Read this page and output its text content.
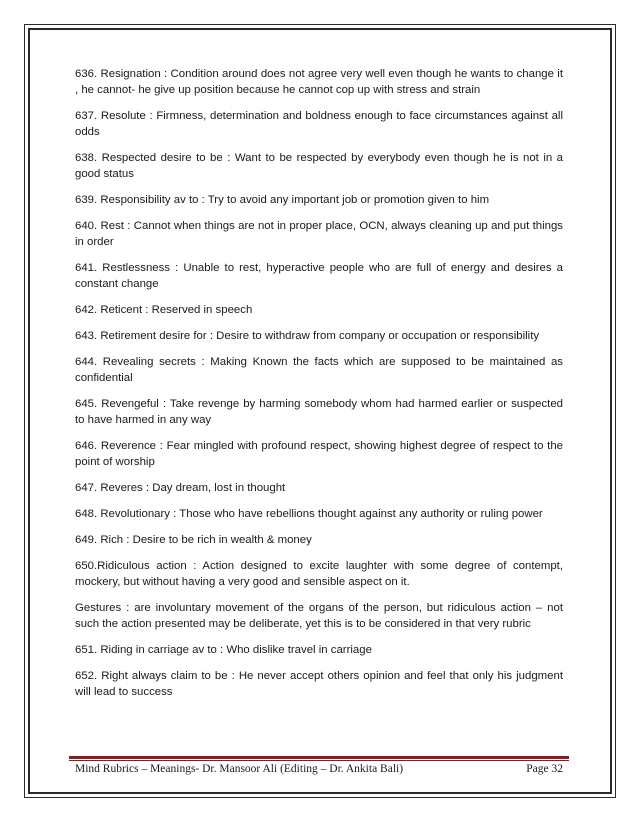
636. Resignation : Condition around does not agree very well even though he wants to change it , he cannot- he give up position because he cannot cop up with stress and strain

637. Resolute : Firmness, determination and boldness enough to face circumstances against all odds

638. Respected desire to be : Want to be respected by everybody even though he is not in a good status

639. Responsibility av to : Try to avoid any important job or promotion given to him

640. Rest : Cannot when things are not in proper place, OCN, always cleaning up and put things in order

641. Restlessness : Unable to rest, hyperactive people who are full of energy and desires a constant change

642. Reticent : Reserved in speech

643. Retirement desire for : Desire to withdraw from company or occupation or responsibility

644. Revealing secrets : Making Known the facts which are supposed to be maintained as confidential

645. Revengeful : Take revenge by harming somebody whom had harmed earlier or suspected to have harmed in any way

646. Reverence : Fear mingled with profound respect, showing highest degree of respect to the point of worship

647. Reveres : Day dream, lost in thought

648. Revolutionary : Those who have rebellions thought against any authority or ruling power

649. Rich : Desire to be rich in wealth & money

650.Ridiculous action : Action designed to excite laughter with some degree of contempt, mockery, but without having a very good and sensible aspect on it.

Gestures : are involuntary movement of the organs of the person, but ridiculous action – not such the action presented may be deliberate, yet this is to be considered in that very rubric

651. Riding in carriage av to : Who dislike travel in carriage

652. Right always claim to be : He never accept others opinion and feel that only his judgment will lead to success

Mind Rubrics – Meanings- Dr. Mansoor Ali (Editing – Dr. Ankita Bali)	Page 32
